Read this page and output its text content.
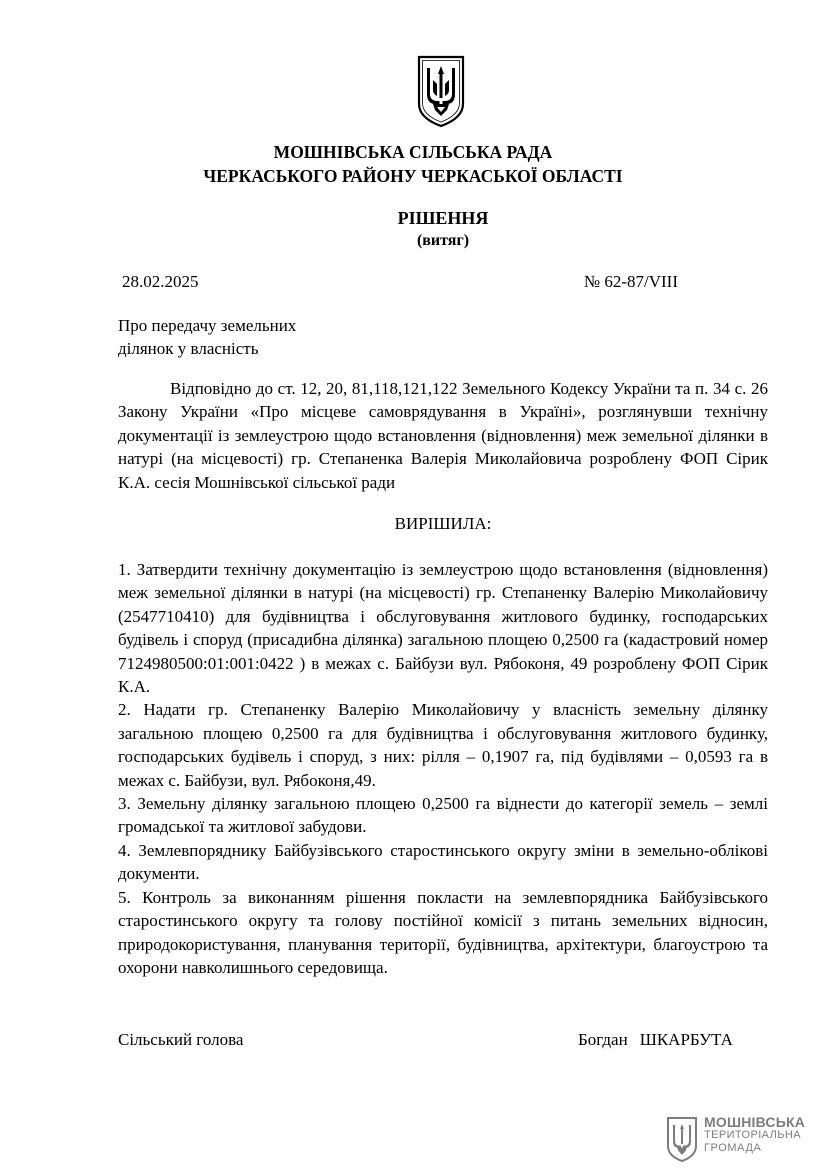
МОШНІВСЬКА СІЛЬСЬКА РАДА
ЧЕРКАСЬКОГО РАЙОНУ ЧЕРКАСЬКОЇ ОБЛАСТІ
РІШЕННЯ
(витяг)
28.02.2025	№ 62-87/VIII
Про передачу земельних
ділянок у власність
Відповідно до ст. 12, 20, 81,118,121,122 Земельного Кодексу України та п. 34 с. 26 Закону України «Про місцеве самоврядування в Україні», розглянувши технічну документації із землеустрою щодо встановлення (відновлення) меж земельної ділянки в натурі (на місцевості) гр. Степаненка Валерія Миколайовича розроблену ФОП Сірик К.А. сесія Мошнівської сільської ради
ВИРІШИЛА:

1. Затвердити технічну документацію із землеустрою щодо встановлення (відновлення) меж земельної ділянки в натурі (на місцевості) гр. Степаненку Валерію Миколайовичу (2547710410) для будівництва і обслуговування житлового будинку, господарських будівель і споруд (присадибна ділянка) загальною площею 0,2500 га (кадастровий номер 7124980500:01:001:0422 ) в межах с. Байбузи вул. Рябоконя, 49 розроблену ФОП Сірик К.А.

2. Надати гр. Степаненку Валерію Миколайовичу у власність земельну ділянку загальною площею 0,2500 га для будівництва і обслуговування житлового будинку, господарських будівель і споруд, з них: рілля – 0,1907 га, під будівлями – 0,0593 га в межах с. Байбузи, вул. Рябоконя,49.

3. Земельну ділянку загальною площею 0,2500 га віднести до категорії земель – землі громадської та житлової забудови.

4. Землевпоряднику Байбузівського старостинського округу зміни в земельно-облікові документи.

5. Контроль за виконанням рішення покласти на землевпорядника Байбузівського старостинського округу та голову постійної комісії з питань земельних відносин, природокористування, планування території, будівництва, архітектури, благоустрою та охорони навколишнього середовища.

Сільський голова	Богдан ШКАРБУТА
МОШНІВСЬКА
ТЕРИТОРІАЛЬНА
ГРОМАДА
